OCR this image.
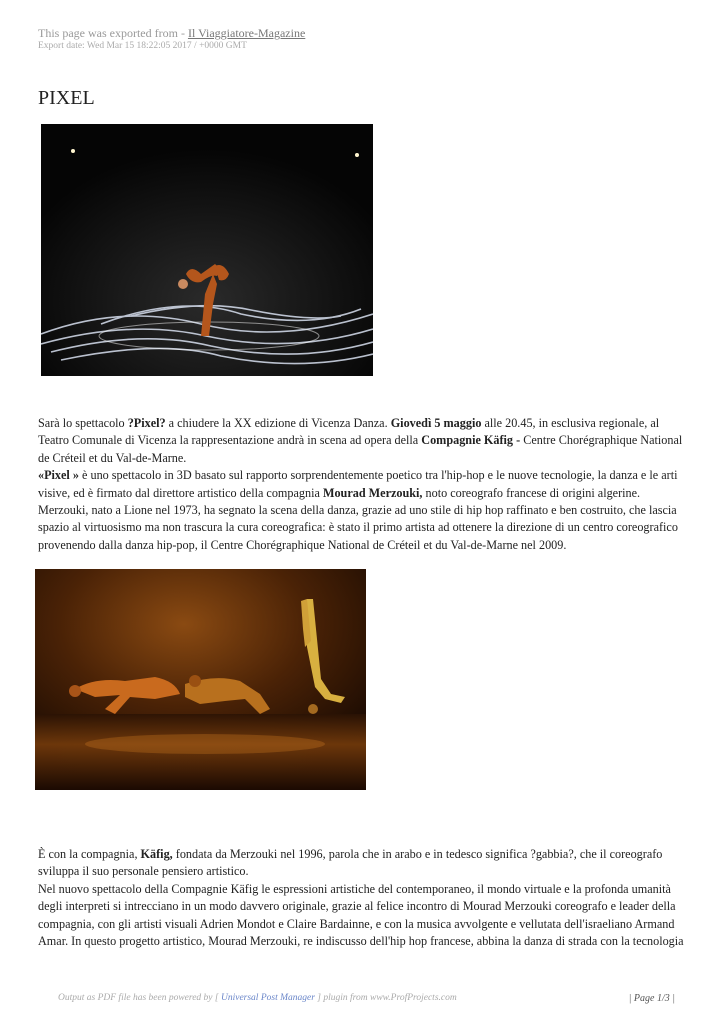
This page was exported from - Il Viaggiatore-Magazine
Export date: Wed Mar 15 18:22:05 2017 / +0000 GMT
PIXEL

Sarà lo spettacolo ?Pixel? a chiudere la XX edizione di Vicenza Danza. Giovedì 5 maggio alle 20.45, in esclusiva regionale, al Teatro Comunale di Vicenza la rappresentazione andrà in scena ad opera della Compagnie Käfig - Centre Chorégraphique National de Créteil et du Val-de-Marne.
«Pixel » è uno spettacolo in 3D basato sul rapporto sorprendentemente poetico tra l'hip-hop e le nuove tecnologie, la danza e le arti visive, ed è firmato dal direttore artistico della compagnia Mourad Merzouki, noto coreografo francese di origini algerine.
Merzouki, nato a Lione nel 1973, ha segnato la scena della danza, grazie ad uno stile di hip hop raffinato e ben costruito, che lascia spazio al virtuosismo ma non trascura la cura coreografica: è stato il primo artista ad ottenere la direzione di un centro coreografico provenendo dalla danza hip-pop, il Centre Chorégraphique National de Créteil et du Val-de-Marne nel 2009.

È con la compagnia, Käfig, fondata da Merzouki nel 1996, parola che in arabo e in tedesco significa ?gabbia?, che il coreografo sviluppa il suo personale pensiero artistico.
Nel nuovo spettacolo della Compagnie Käfig le espressioni artistiche del contemporaneo, il mondo virtuale e la profonda umanità degli interpreti si intrecciano in un modo davvero originale, grazie al felice incontro di Mourad Merzouki coreografo e leader della compagnia, con gli artisti visuali Adrien Mondot e Claire Bardainne, e con la musica avvolgente e vellutata dell'israeliano Armand Amar. In questo progetto artistico, Mourad Merzouki, re indiscusso dell'hip hop francese, abbina la danza di strada con la tecnologia

Output as PDF file has been powered by [ Universal Post Manager ] plugin from www.ProfProjects.com	| Page 1/3 |
